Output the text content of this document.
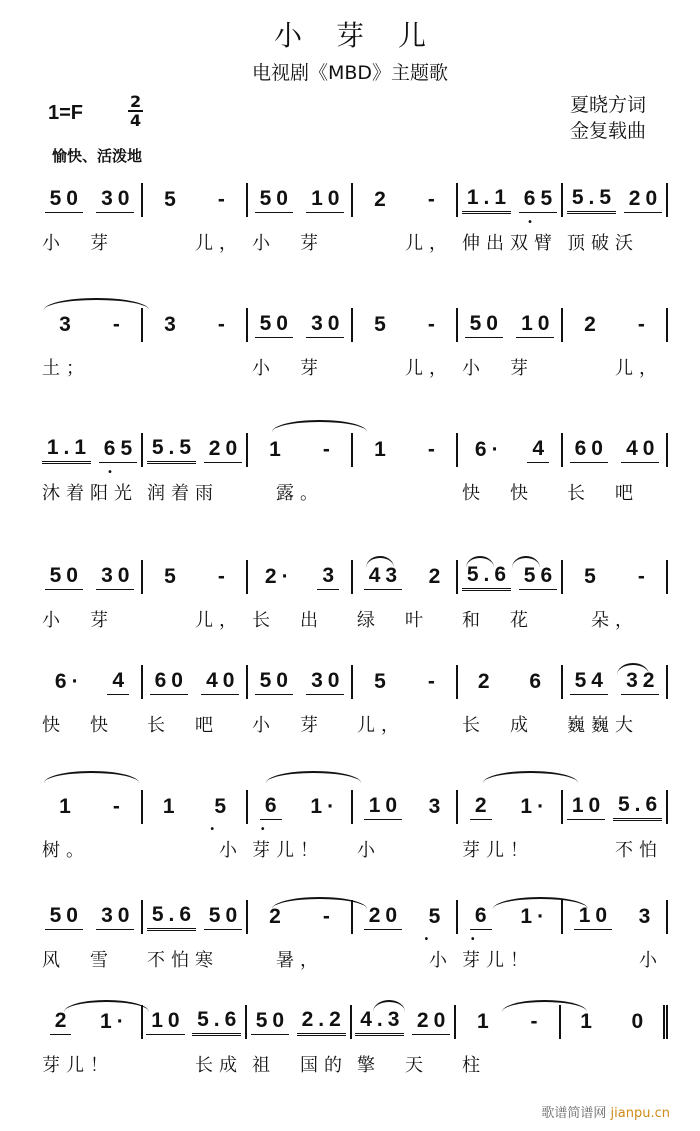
小芽儿
电视剧《MBD》主题歌
1=F	$\frac{2}{4}$	夏晓方词
金复载曲
愉快、活泼地
50 30 5 - 50 10 2 - 1.1 65 • 5.5 20
小　芽	　　儿， 小　芽	　　儿， 伸出双臂 顶破沃
3 - 3 - 50 30 5 - 50 10 2 -
土；	小　芽	　　儿， 小　芽	　　儿，
1.1 65 • 5.5 20 1 - 1 - 6· 4 60 40
沐着阳光 润着雨	　露。	快　快	长　吧
50 30 5 - 2· 3 43 2 5.6 56 5 -
小　芽	　　儿， 长　出	绿　叶	和　花	　朵，
6· 4 60 40 50 30 5 - 2 6 54 32
快　快	长　吧	小　芽	儿，	长　成	巍巍大
1 - 1 5 • 6 • 1· 10 3 2 1· 10 5.6
树。	　　　小 芽儿！	小	芽儿！	　　不怕
50 30 5.6 50 2 - 20 5 • 6 • 1· 10 3
风　雪	不怕寒	　暑，	　　　小 芽儿！	　　　小
2 1· 10 5.6 50 2.2 4.3 20 1 - 1 0
芽儿！	　　长成 祖　国的 擎　天	柱
歌谱简谱网 jianpu.cn
